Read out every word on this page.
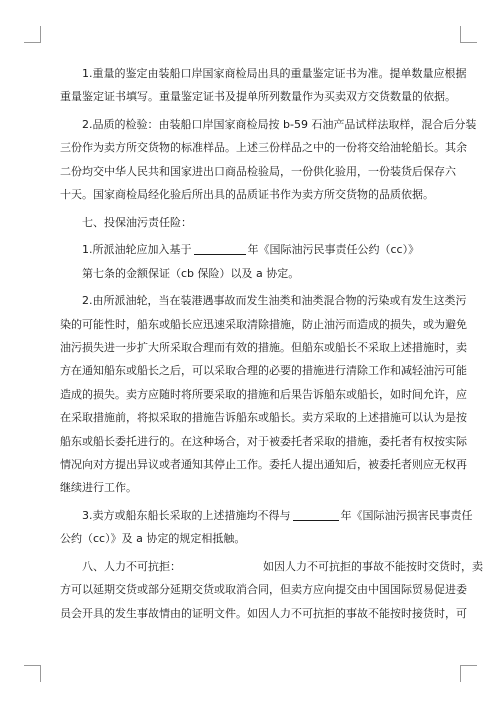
1.重量的鉴定由装船口岸国家商检局出具的重量鉴定证书为准。提单数量应根据
重量鉴定证书填写。重量鉴定证书及提单所列数量作为买卖双方交货数量的依据。
2.品质的检验：由装船口岸国家商检局按 b-59 石油产品试样法取样，混合后分装
三份作为卖方所交货物的标准样品。上述三份样品之中的一份将交给油轮船长。其余
二份均交中华人民共和国家进出口商品检验局，一份供化验用，一份装货后保存六
十天。国家商检局经化验后所出具的品质证书作为卖方所交货物的品质依据。
七、投保油污责任险：
1.所派油轮应加入基于	年《国际油污民事责任公约（cc）》
第七条的金额保证（cb 保险）以及 a 协定。
2.由所派油轮，当在装港遇事故而发生油类和油类混合物的污染或有发生这类污
染的可能性时，船东或船长应迅速采取清除措施，防止油污而造成的损失，或为避免
油污损失进一步扩大所采取合理而有效的措施。但船东或船长不采取上述措施时，卖
方在通知船东或船长之后，可以采取合理的必要的措施进行清除工作和减轻油污可能
造成的损失。卖方应随时将所要采取的措施和后果告诉船东或船长，如时间允许，应
在采取措施前，将拟采取的措施告诉船东或船长。卖方采取的上述措施可以认为是按
船东或船长委托进行的。在这种场合，对于被委托者采取的措施，委托者有权按实际
情况向对方提出异议或者通知其停止工作。委托人提出通知后，被委托者则应无权再
继续进行工作。
3.卖方或船东船长采取的上述措施均不得与	年《国际油污损害民事责任
公约（cc）》及 a 协定的规定相抵触。
八、人力不可抗拒：	如因人力不可抗拒的事故不能按时交货时，卖
方可以延期交货或部分延期交货或取消合同，但卖方应向提交由中国国际贸易促进委
员会开具的发生事故情由的证明文件。如因人力不可抗拒的事故不能按时接货时，可
